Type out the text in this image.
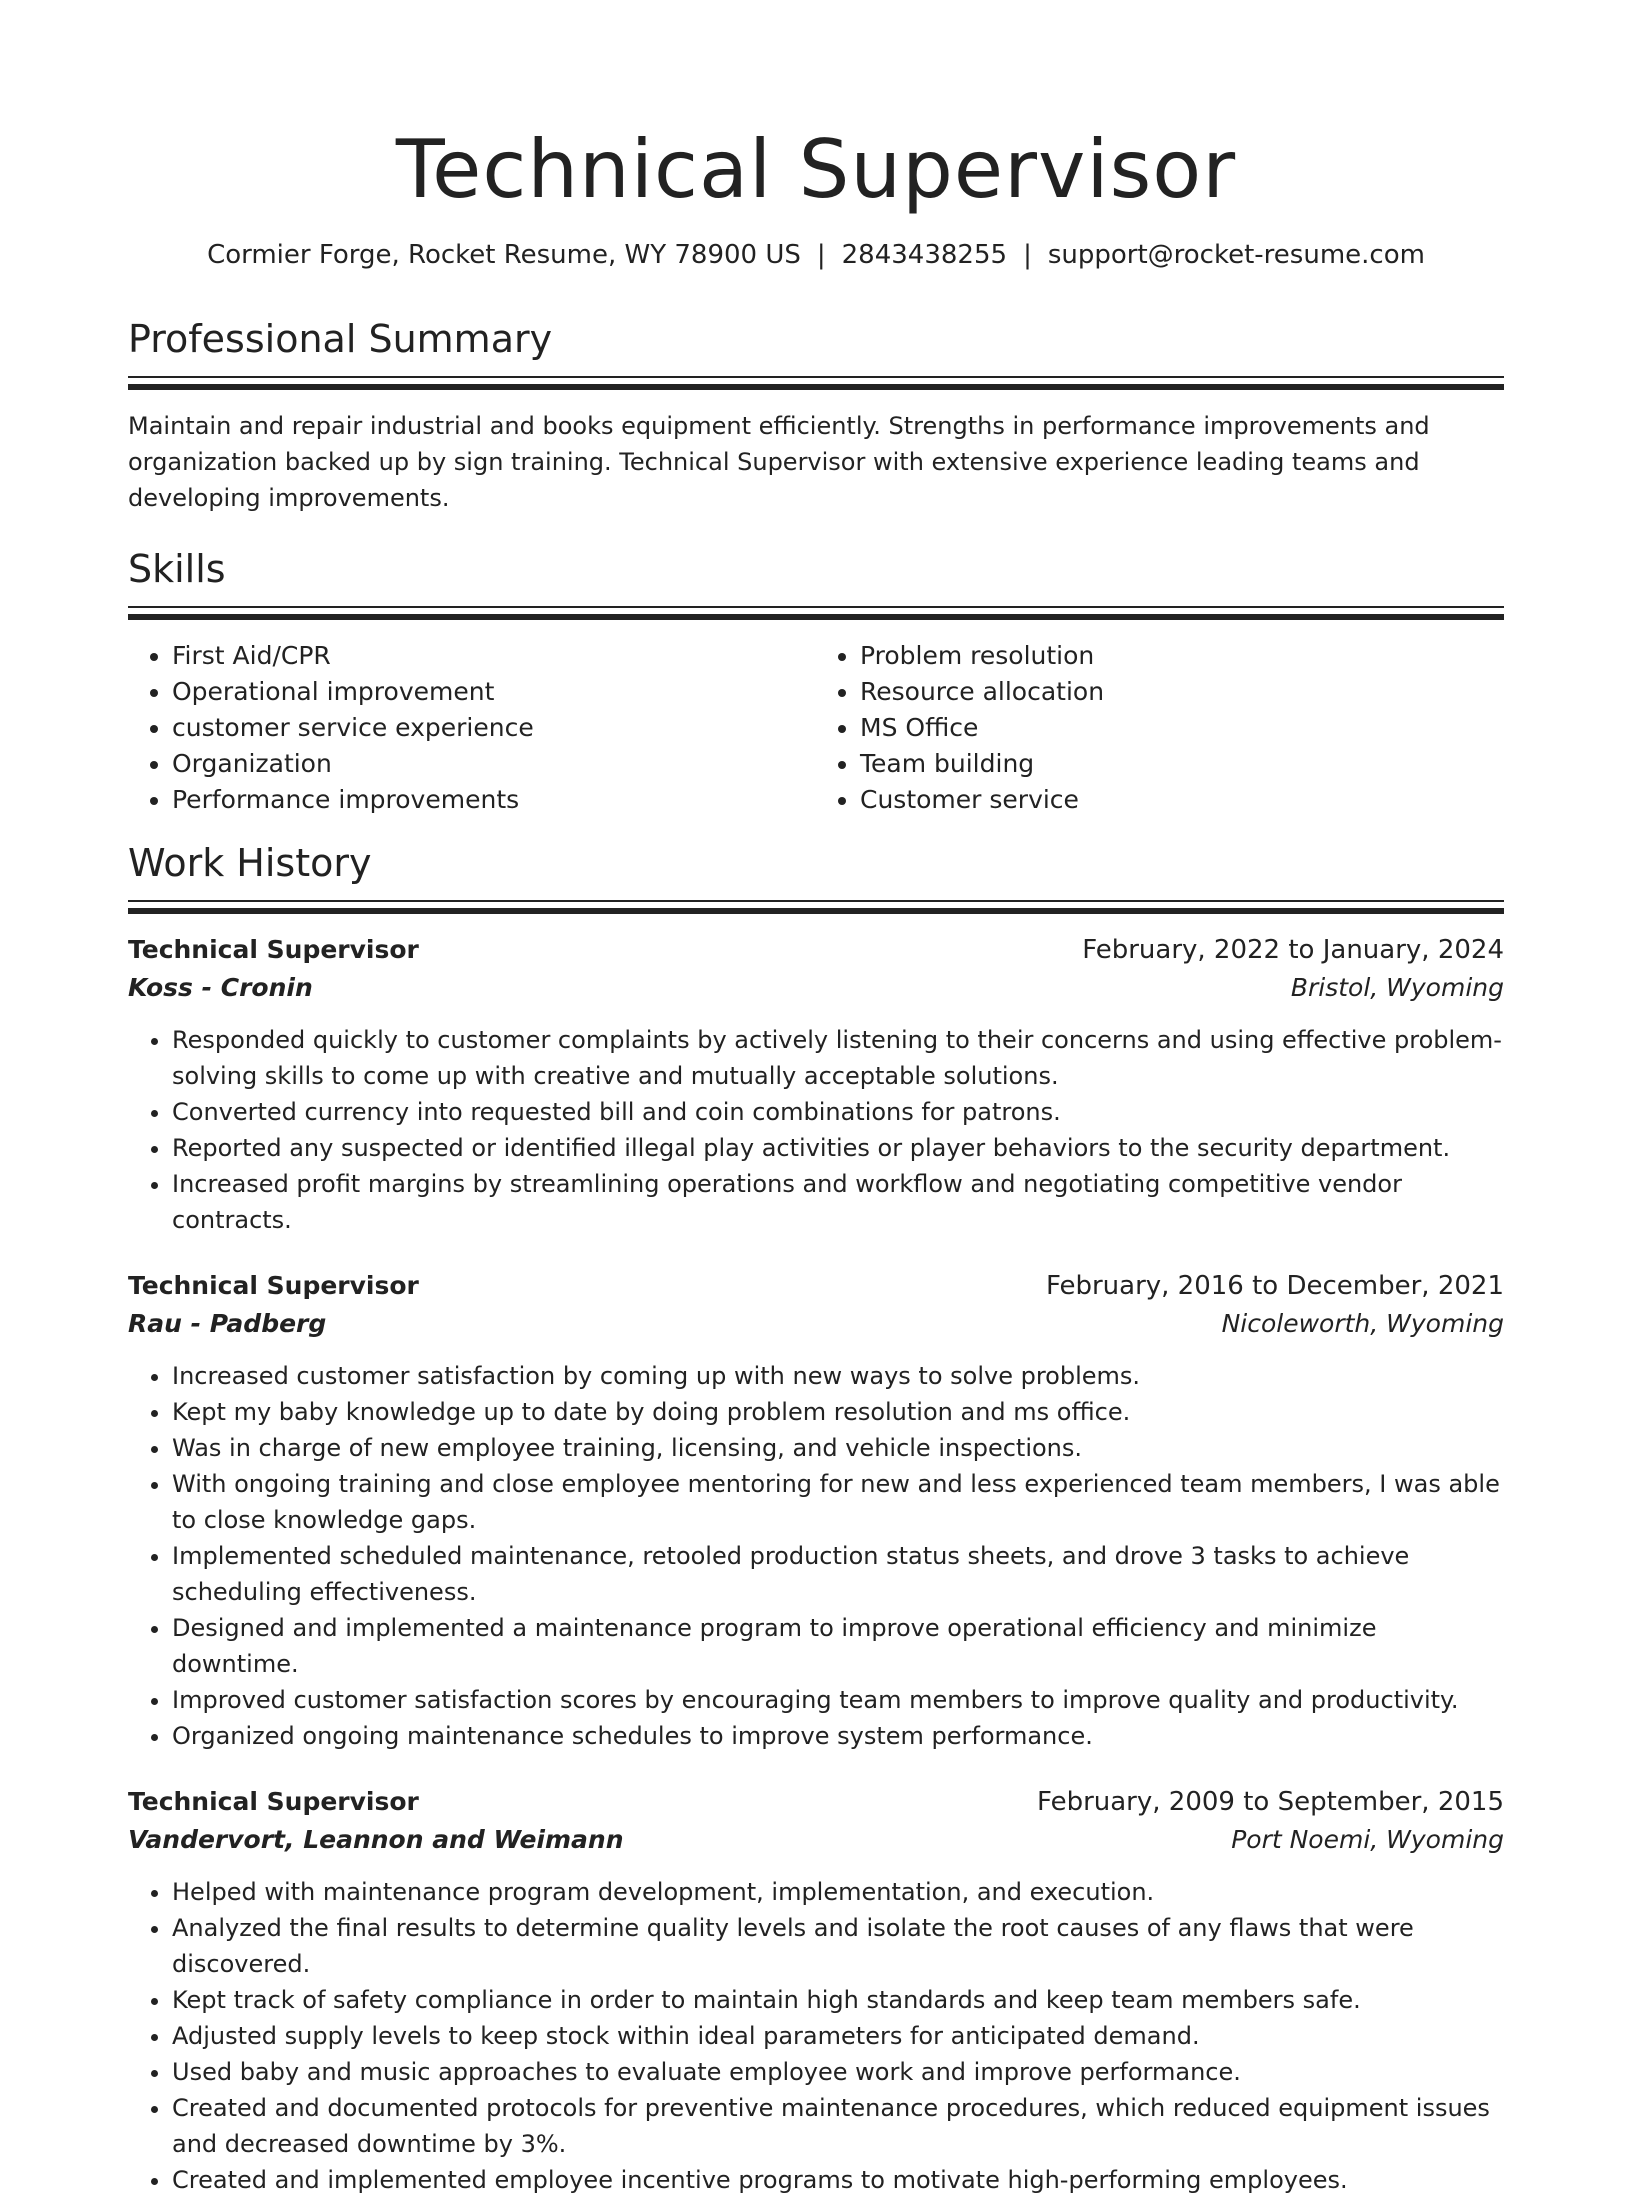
Technical Supervisor
Cormier Forge, Rocket Resume, WY 78900 US | 2843438255 | support@rocket-resume.com
Professional Summary

Maintain and repair industrial and books equipment efficiently. Strengths in performance improvements and organization backed up by sign training. Technical Supervisor with extensive experience leading teams and developing improvements.

Skills
• First Aid/CPR
• Operational improvement
• customer service experience
• Organization
• Performance improvements
• Problem resolution
• Resource allocation
• MS Office
• Team building
• Customer service
Work History
Technical Supervisor	February, 2022 to January, 2024
Koss - Cronin	Bristol, Wyoming
• Responded quickly to customer complaints by actively listening to their concerns and using effective problem-solving skills to come up with creative and mutually acceptable solutions.
• Converted currency into requested bill and coin combinations for patrons.
• Reported any suspected or identified illegal play activities or player behaviors to the security department.
• Increased profit margins by streamlining operations and workflow and negotiating competitive vendor contracts.
Technical Supervisor	February, 2016 to December, 2021
Rau - Padberg	Nicoleworth, Wyoming
• Increased customer satisfaction by coming up with new ways to solve problems.
• Kept my baby knowledge up to date by doing problem resolution and ms office.
• Was in charge of new employee training, licensing, and vehicle inspections.
• With ongoing training and close employee mentoring for new and less experienced team members, I was able to close knowledge gaps.
• Implemented scheduled maintenance, retooled production status sheets, and drove 3 tasks to achieve scheduling effectiveness.
• Designed and implemented a maintenance program to improve operational efficiency and minimize downtime.
• Improved customer satisfaction scores by encouraging team members to improve quality and productivity.
• Organized ongoing maintenance schedules to improve system performance.
Technical Supervisor	February, 2009 to September, 2015
Vandervort, Leannon and Weimann	Port Noemi, Wyoming
• Helped with maintenance program development, implementation, and execution.
• Analyzed the final results to determine quality levels and isolate the root causes of any flaws that were discovered.
• Kept track of safety compliance in order to maintain high standards and keep team members safe.
• Adjusted supply levels to keep stock within ideal parameters for anticipated demand.
• Used baby and music approaches to evaluate employee work and improve performance.
• Created and documented protocols for preventive maintenance procedures, which reduced equipment issues and decreased downtime by 3%.
• Created and implemented employee incentive programs to motivate high-performing employees.
